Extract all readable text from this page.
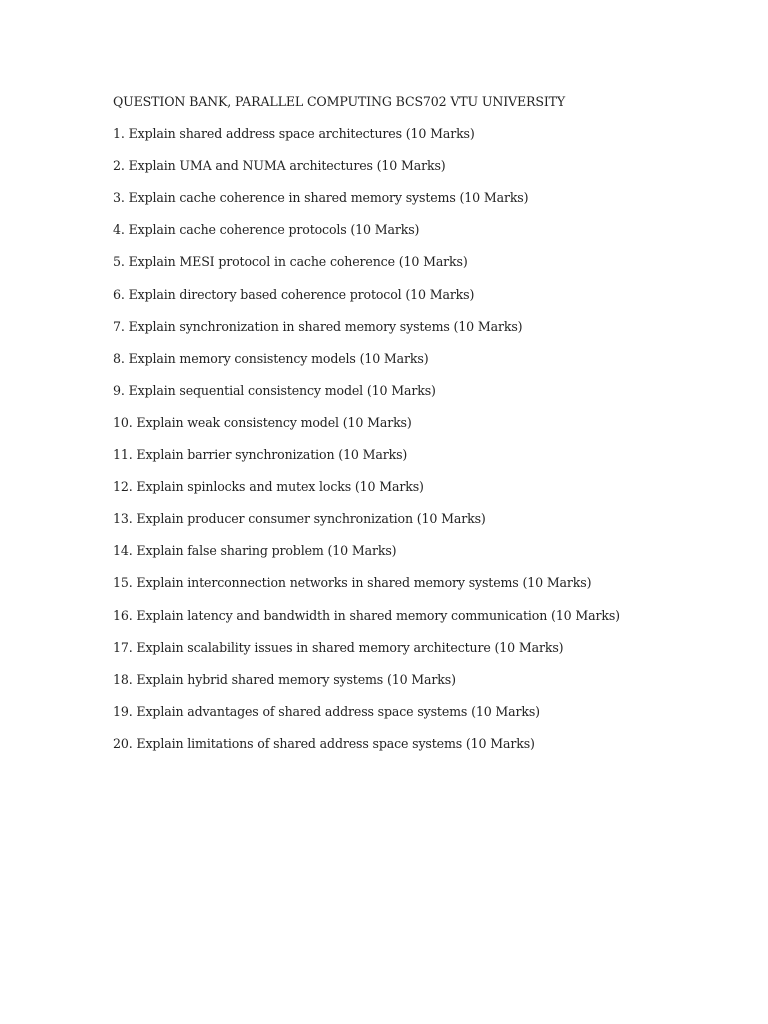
QUESTION BANK, PARALLEL COMPUTING BCS702 VTU UNIVERSITY
1. Explain shared address space architectures (10 Marks)
2. Explain UMA and NUMA architectures (10 Marks)
3. Explain cache coherence in shared memory systems (10 Marks)
4. Explain cache coherence protocols (10 Marks)
5. Explain MESI protocol in cache coherence (10 Marks)
6. Explain directory based coherence protocol (10 Marks)
7. Explain synchronization in shared memory systems (10 Marks)
8. Explain memory consistency models (10 Marks)
9. Explain sequential consistency model (10 Marks)
10. Explain weak consistency model (10 Marks)
11. Explain barrier synchronization (10 Marks)
12. Explain spinlocks and mutex locks (10 Marks)
13. Explain producer consumer synchronization (10 Marks)
14. Explain false sharing problem (10 Marks)
15. Explain interconnection networks in shared memory systems (10 Marks)
16. Explain latency and bandwidth in shared memory communication (10 Marks)
17. Explain scalability issues in shared memory architecture (10 Marks)
18. Explain hybrid shared memory systems (10 Marks)
19. Explain advantages of shared address space systems (10 Marks)
20. Explain limitations of shared address space systems (10 Marks)
